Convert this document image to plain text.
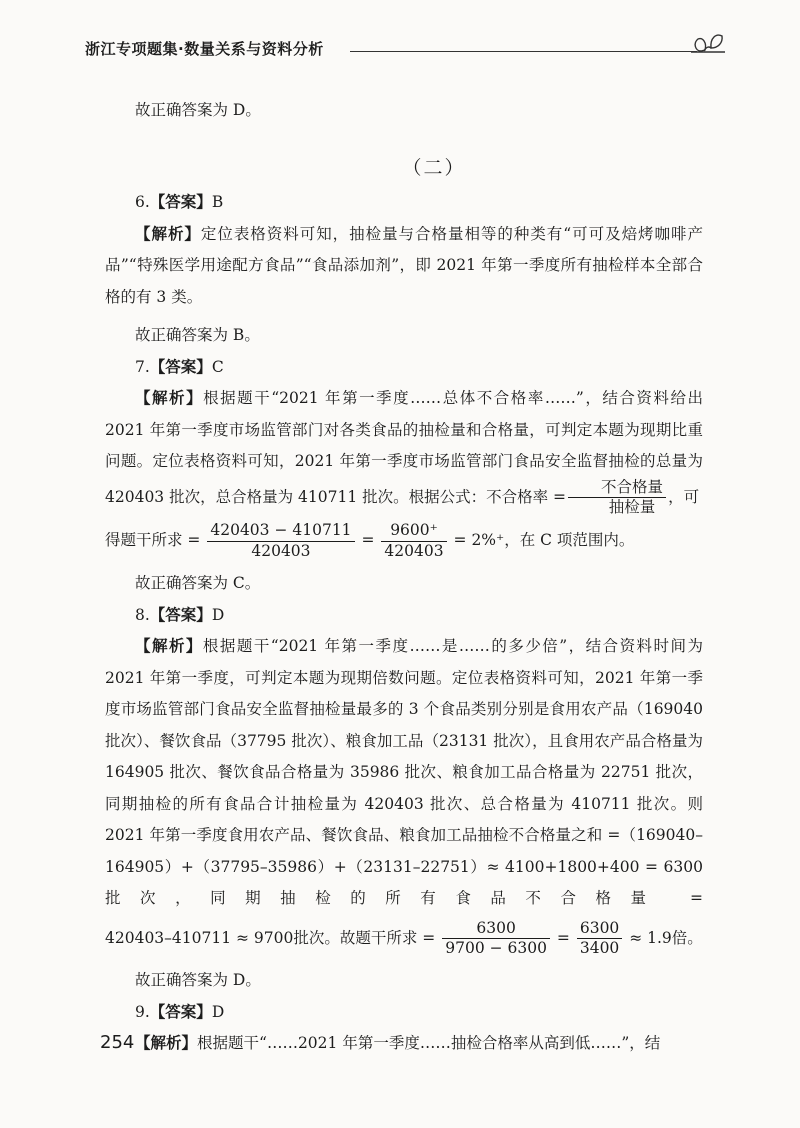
浙江专项题集·数量关系与资料分析

故正确答案为 D。

（二）

6.【答案】B

【解析】定位表格资料可知，抽检量与合格量相等的种类有“可可及焙烤咖啡产品”“特殊医学用途配方食品”“食品添加剂”，即 2021 年第一季度所有抽检样本全部合格的有 3 类。

故正确答案为 B。

7.【答案】C

【解析】根据题干“2021 年第一季度……总体不合格率……”，结合资料给出 2021 年第一季度市场监管部门对各类食品的抽检量和合格量，可判定本题为现期比重问题。定位表格资料可知，2021 年第一季度市场监管部门食品安全监督抽检的总量为 420403 批次，总合格量为 410711 批次。根据公式：不合格率 = $\frac{\text{不合格量}}{\text{抽检量}}$ ，可

得题干所求 = $\frac{420403 - 410711}{420403} = \frac{9600^+}{420403} = 2\%^+$，在 C 项范围内。

故正确答案为 C。

8.【答案】D

【解析】根据题干“2021 年第一季度……是……的多少倍”，结合资料时间为 2021 年第一季度，可判定本题为现期倍数问题。定位表格资料可知，2021 年第一季度市场监管部门食品安全监督抽检量最多的 3 个食品类别分别是食用农产品（169040 批次）、餐饮食品（37795 批次）、粮食加工品（23131 批次），且食用农产品合格量为 164905 批次、餐饮食品合格量为 35986 批次、粮食加工品合格量为 22751 批次，同期抽检的所有食品合计抽检量为 420403 批次、总合格量为 410711 批次。则 2021 年第一季度食用农产品、餐饮食品、粮食加工品抽检不合格量之和 =（169040–164905）+（37795–35986）+（23131–22751）≈ 4100+1800+400 = 6300 批次，同期抽检的所有食品不合格量 =

420403–410711 ≈ 9700批次。故题干所求 = $\frac{6300}{9700 - 6300} = \frac{6300}{3400} \approx 1.9$倍。

故正确答案为 D。

9.【答案】D

【解析】根据题干“……2021 年第一季度……抽检合格率从高到低……”，结

254
